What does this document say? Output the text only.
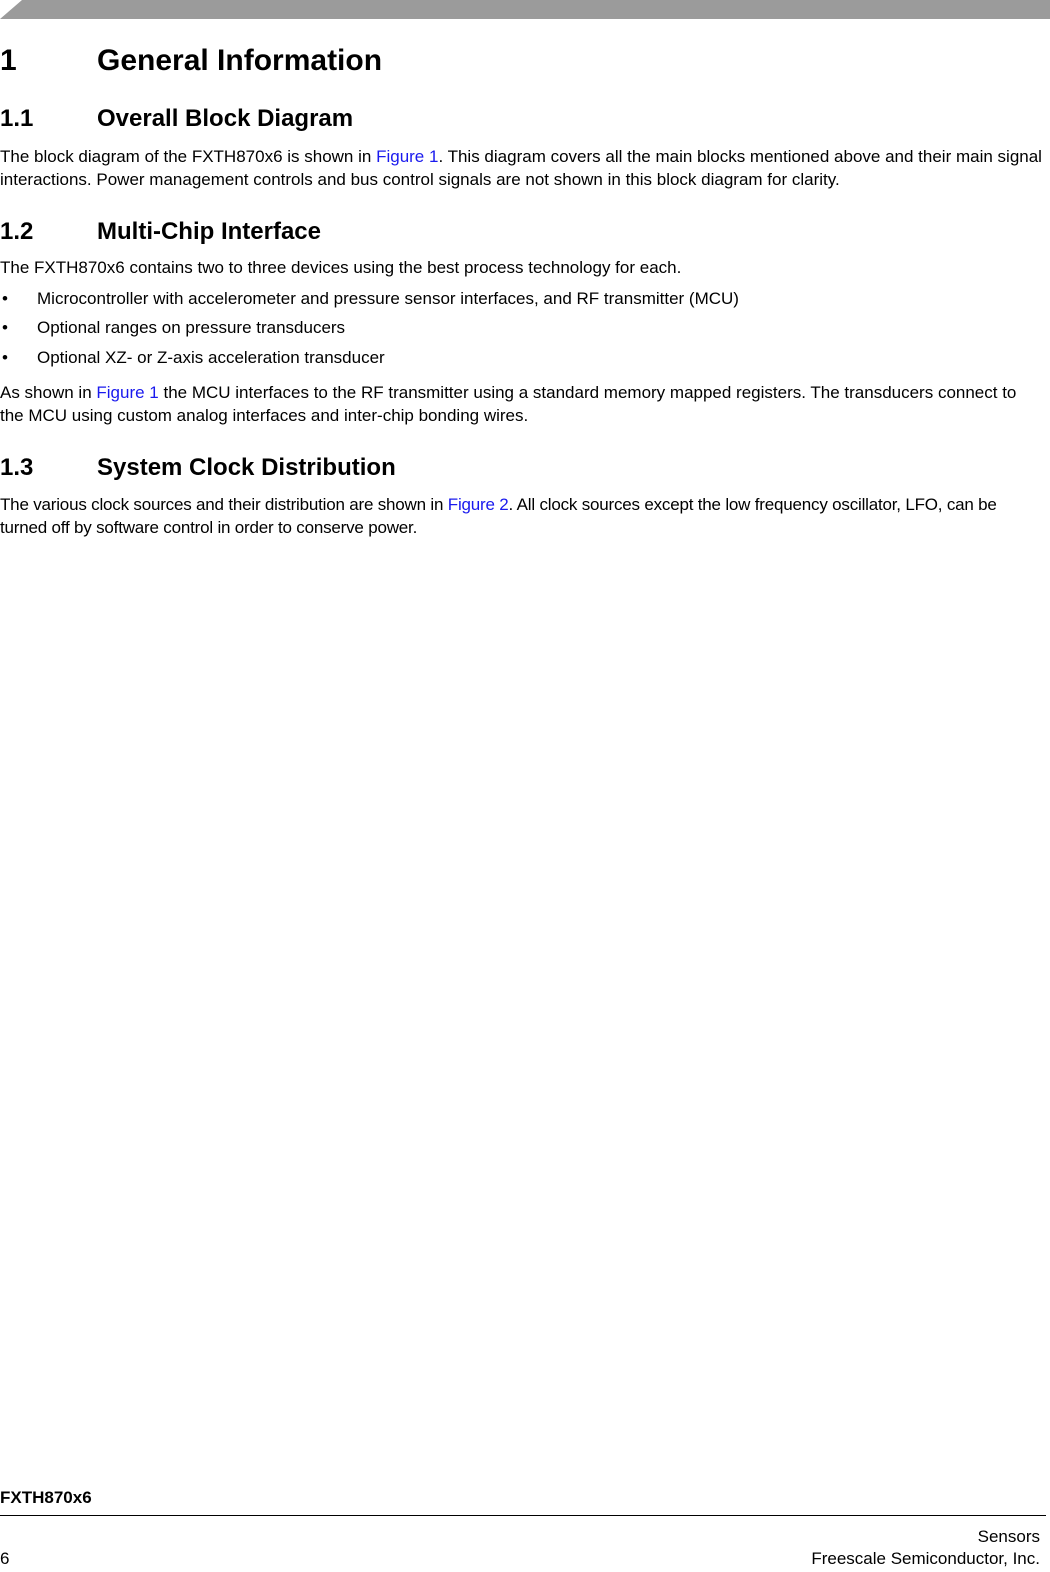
1	General Information
1.1	Overall Block Diagram

The block diagram of the FXTH870x6 is shown in Figure 1. This diagram covers all the main blocks mentioned above and their main signal interactions. Power management controls and bus control signals are not shown in this block diagram for clarity.

1.2	Multi-Chip Interface

The FXTH870x6 contains two to three devices using the best process technology for each.

• Microcontroller with accelerometer and pressure sensor interfaces, and RF transmitter (MCU)

• Optional ranges on pressure transducers

• Optional XZ- or Z-axis acceleration transducer

As shown in Figure 1 the MCU interfaces to the RF transmitter using a standard memory mapped registers. The transducers connect to the MCU using custom analog interfaces and inter-chip bonding wires.

1.3	System Clock Distribution

The various clock sources and their distribution are shown in Figure 2. All clock sources except the low frequency oscillator, LFO, can be turned off by software control in order to conserve power.

FXTH870x6
Sensors
6	Freescale Semiconductor, Inc.
